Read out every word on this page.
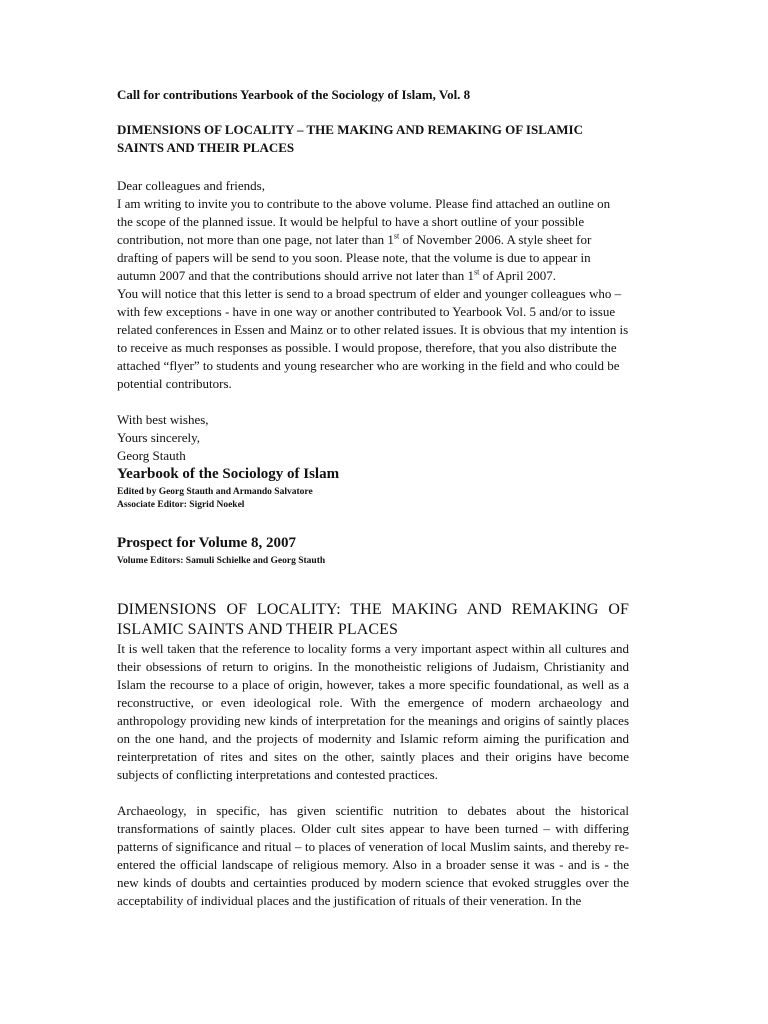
Call for contributions Yearbook of the Sociology of Islam, Vol. 8

DIMENSIONS OF LOCALITY – THE MAKING AND REMAKING OF ISLAMIC SAINTS AND THEIR PLACES

Dear colleagues and friends,

I am writing to invite you to contribute to the above volume. Please find attached an outline on the scope of the planned issue. It would be helpful to have a short outline of your possible contribution, not more than one page, not later than 1st of November 2006. A style sheet for drafting of papers will be send to you soon. Please note, that the volume is due to appear in autumn 2007 and that the contributions should arrive not later than 1st of April 2007.

You will notice that this letter is send to a broad spectrum of elder and younger colleagues who – with few exceptions - have in one way or another contributed to Yearbook Vol. 5 and/or to issue related conferences in Essen and Mainz or to other related issues. It is obvious that my intention is to receive as much responses as possible. I would propose, therefore, that you also distribute the attached “flyer” to students and young researcher who are working in the field and who could be potential contributors.

With best wishes,

Yours sincerely,

Georg Stauth

Yearbook of the Sociology of Islam

Edited by Georg Stauth and Armando Salvatore

Associate Editor: Sigrid Noekel

Prospect for Volume 8, 2007

Volume Editors: Samuli Schielke and Georg Stauth

DIMENSIONS OF LOCALITY: THE MAKING AND REMAKING OF ISLAMIC SAINTS AND THEIR PLACES

It is well taken that the reference to locality forms a very important aspect within all cultures and their obsessions of return to origins. In the monotheistic religions of Judaism, Christianity and Islam the recourse to a place of origin, however, takes a more specific foundational, as well as a reconstructive, or even ideological role. With the emergence of modern archaeology and anthropology providing new kinds of interpretation for the meanings and origins of saintly places on the one hand, and the projects of modernity and Islamic reform aiming the purification and reinterpretation of rites and sites on the other, saintly places and their origins have become subjects of conflicting interpretations and contested practices.

Archaeology, in specific, has given scientific nutrition to debates about the historical transformations of saintly places. Older cult sites appear to have been turned – with differing patterns of significance and ritual – to places of veneration of local Muslim saints, and thereby re-entered the official landscape of religious memory. Also in a broader sense it was - and is - the new kinds of doubts and certainties produced by modern science that evoked struggles over the acceptability of individual places and the justification of rituals of their veneration. In the
